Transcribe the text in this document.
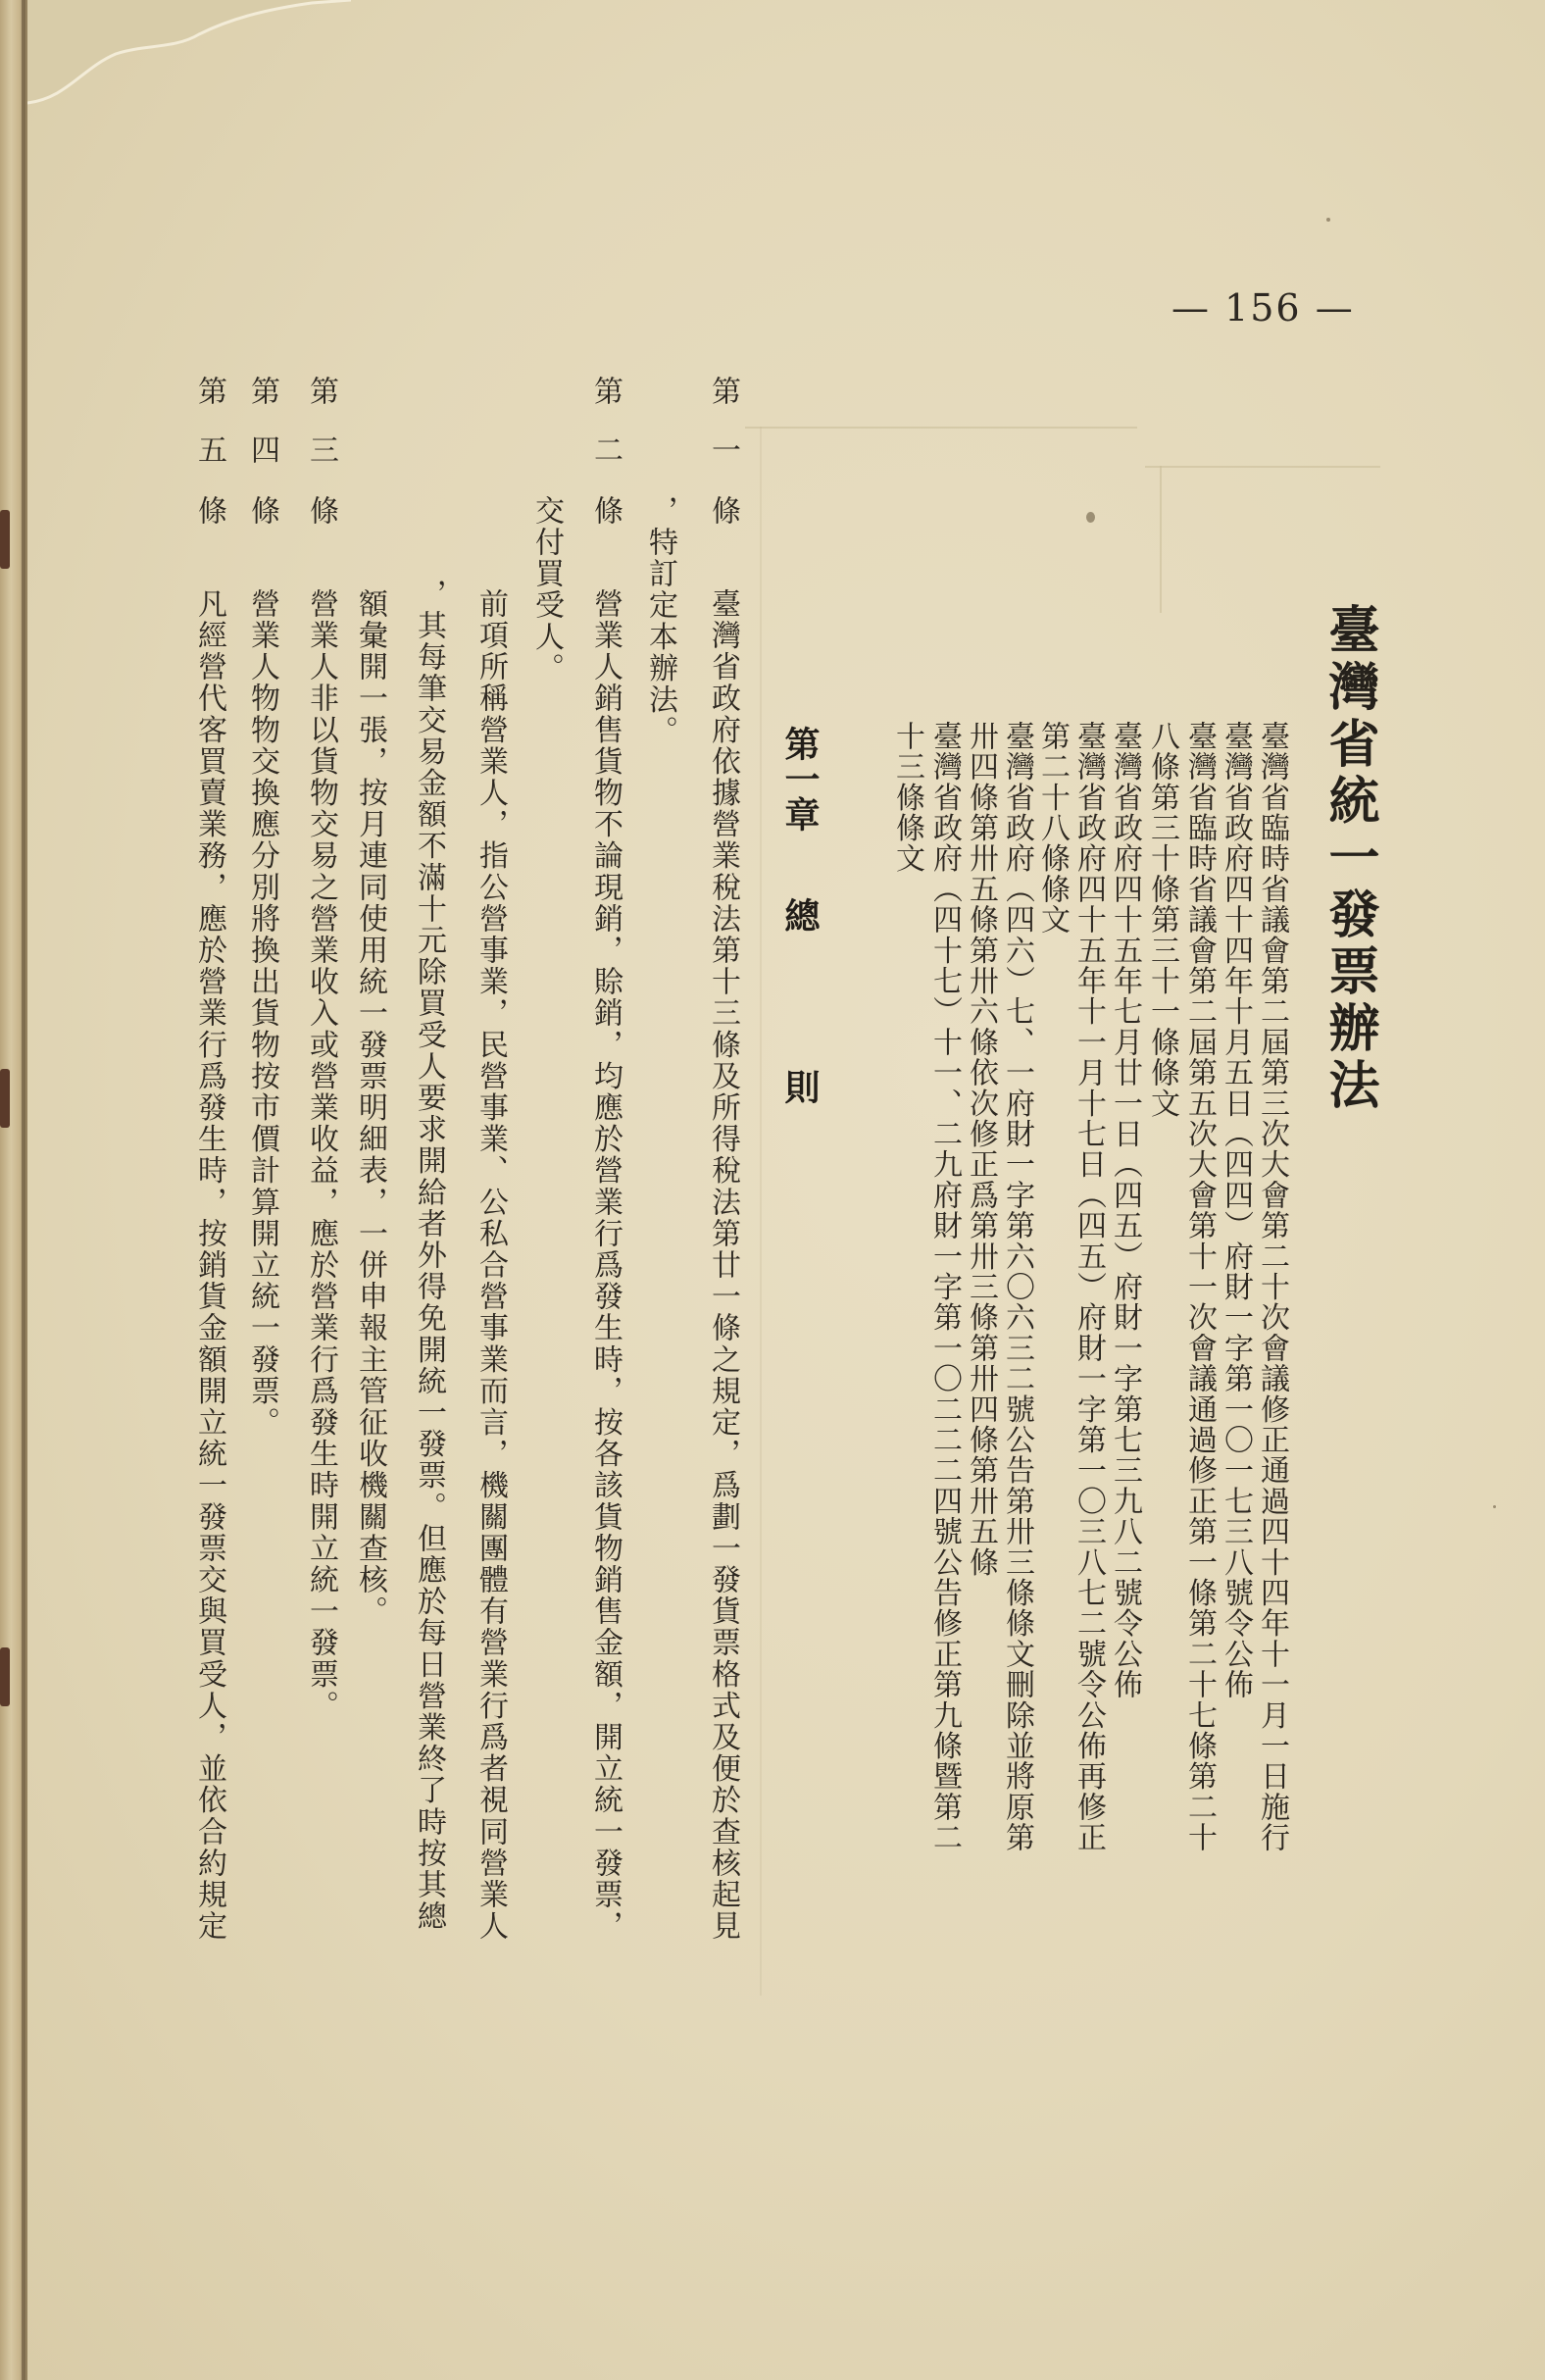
— 156 —
臺灣省統一發票辦法
臺灣省臨時省議會第二屆第三次大會第二十次會議修正通過四十四年十一月一日施行
臺灣省政府四十四年十月五日（四四）府財一字第一〇一七三八號令公佈
臺灣省臨時省議會第二屆第五次大會第十一次會議通過修正第一條第二十七條第二十
八條第三十條第三十一條條文
臺灣省政府四十五年七月廿一日（四五）府財一字第七三九八二號令公佈
臺灣省政府四十五年十一月十七日（四五）府財一字第一〇三八七二號令公佈再修正
第二十八條條文
臺灣省政府（四六）七、一府財一字第六〇六三二號公告第卅三條條文刪除並將原第
卅四條第卅五條第卅六條依次修正爲第卅三條第卅四條第卅五條
臺灣省政府（四十七）十一、二九府財一字第一〇二二二四號公告修正第九條暨第二
十三條條文
第一章
總
則
第
一
條
臺灣省政府依據營業稅法第十三條及所得稅法第廿一條之規定，爲劃一發貨票格式及便於查核起見
，特訂定本辦法。
第
二
條
營業人銷售貨物不論現銷，賒銷，均應於營業行爲發生時，按各該貨物銷售金額，開立統一發票，
交付買受人。
前項所稱營業人，指公營事業，民營事業、公私合營事業而言，機關團體有營業行爲者視同營業人
，其每筆交易金額不滿十元除買受人要求開給者外得免開統一發票。但應於每日營業終了時按其總
額彙開一張，按月連同使用統一發票明細表，一併申報主管征收機關查核。
第
三
條
營業人非以貨物交易之營業收入或營業收益，應於營業行爲發生時開立統一發票。
第
四
條
營業人物物交換應分別將換出貨物按市價計算開立統一發票。
第
五
條
凡經營代客買賣業務，應於營業行爲發生時，按銷貨金額開立統一發票交與買受人，並依合約規定
